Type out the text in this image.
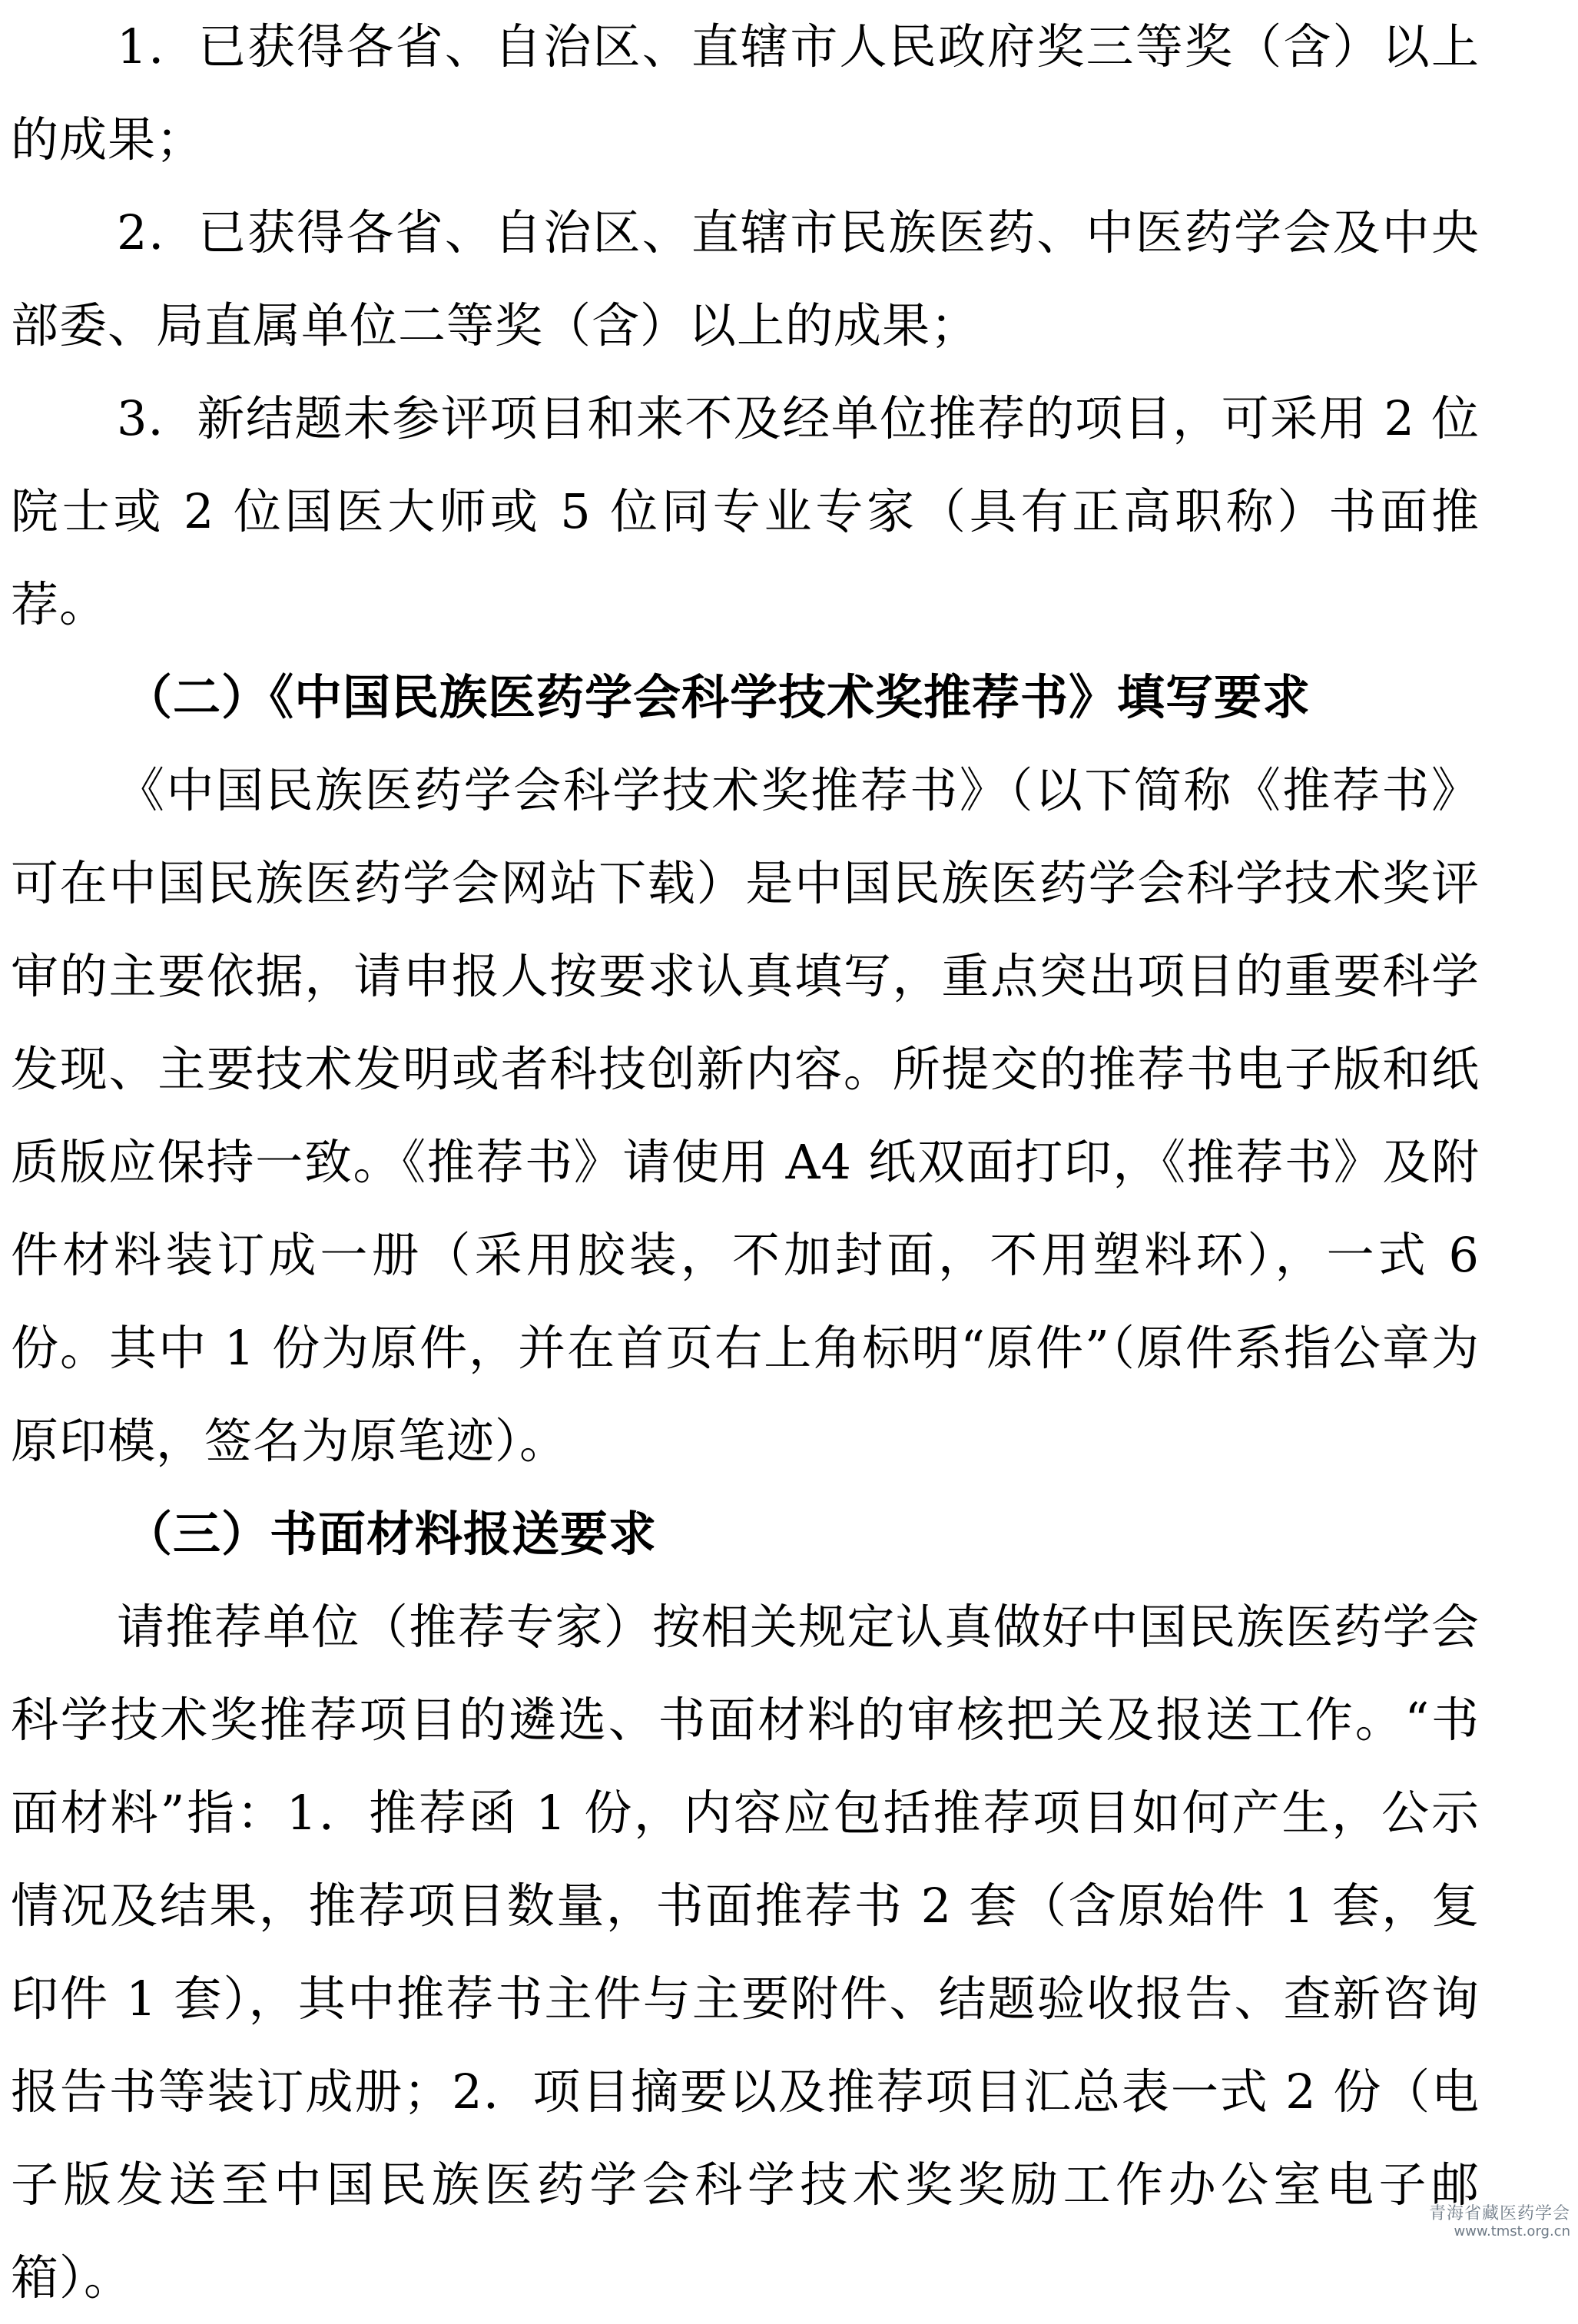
1．已获得各省、自治区、直辖市人民政府奖三等奖（含）以上的成果；

2．已获得各省、自治区、直辖市民族医药、中医药学会及中央部委、局直属单位二等奖（含）以上的成果；

3．新结题未参评项目和来不及经单位推荐的项目，可采用 2 位院士或 2 位国医大师或 5 位同专业专家（具有正高职称）书面推荐。

（二）《中国民族医药学会科学技术奖推荐书》填写要求

《中国民族医药学会科学技术奖推荐书》（以下简称《推荐书》可在中国民族医药学会网站下载）是中国民族医药学会科学技术奖评审的主要依据，请申报人按要求认真填写，重点突出项目的重要科学发现、主要技术发明或者科技创新内容。所提交的推荐书电子版和纸质版应保持一致。《推荐书》请使用 A4 纸双面打印，《推荐书》及附件材料装订成一册（采用胶装，不加封面，不用塑料环），一式 6 份。其中 1 份为原件，并在首页右上角标明“原件”（原件系指公章为原印模，签名为原笔迹）。

（三）书面材料报送要求

请推荐单位（推荐专家）按相关规定认真做好中国民族医药学会科学技术奖推荐项目的遴选、书面材料的审核把关及报送工作。“书面材料”指：1．推荐函 1 份，内容应包括推荐项目如何产生，公示情况及结果，推荐项目数量，书面推荐书 2 套（含原始件 1 套，复印件 1 套），其中推荐书主件与主要附件、结题验收报告、查新咨询报告书等装订成册；2．项目摘要以及推荐项目汇总表一式 2 份（电子版发送至中国民族医药学会科学技术奖奖励工作办公室电子邮箱）。

青海省藏医药学会
www.tmst.org.cn
